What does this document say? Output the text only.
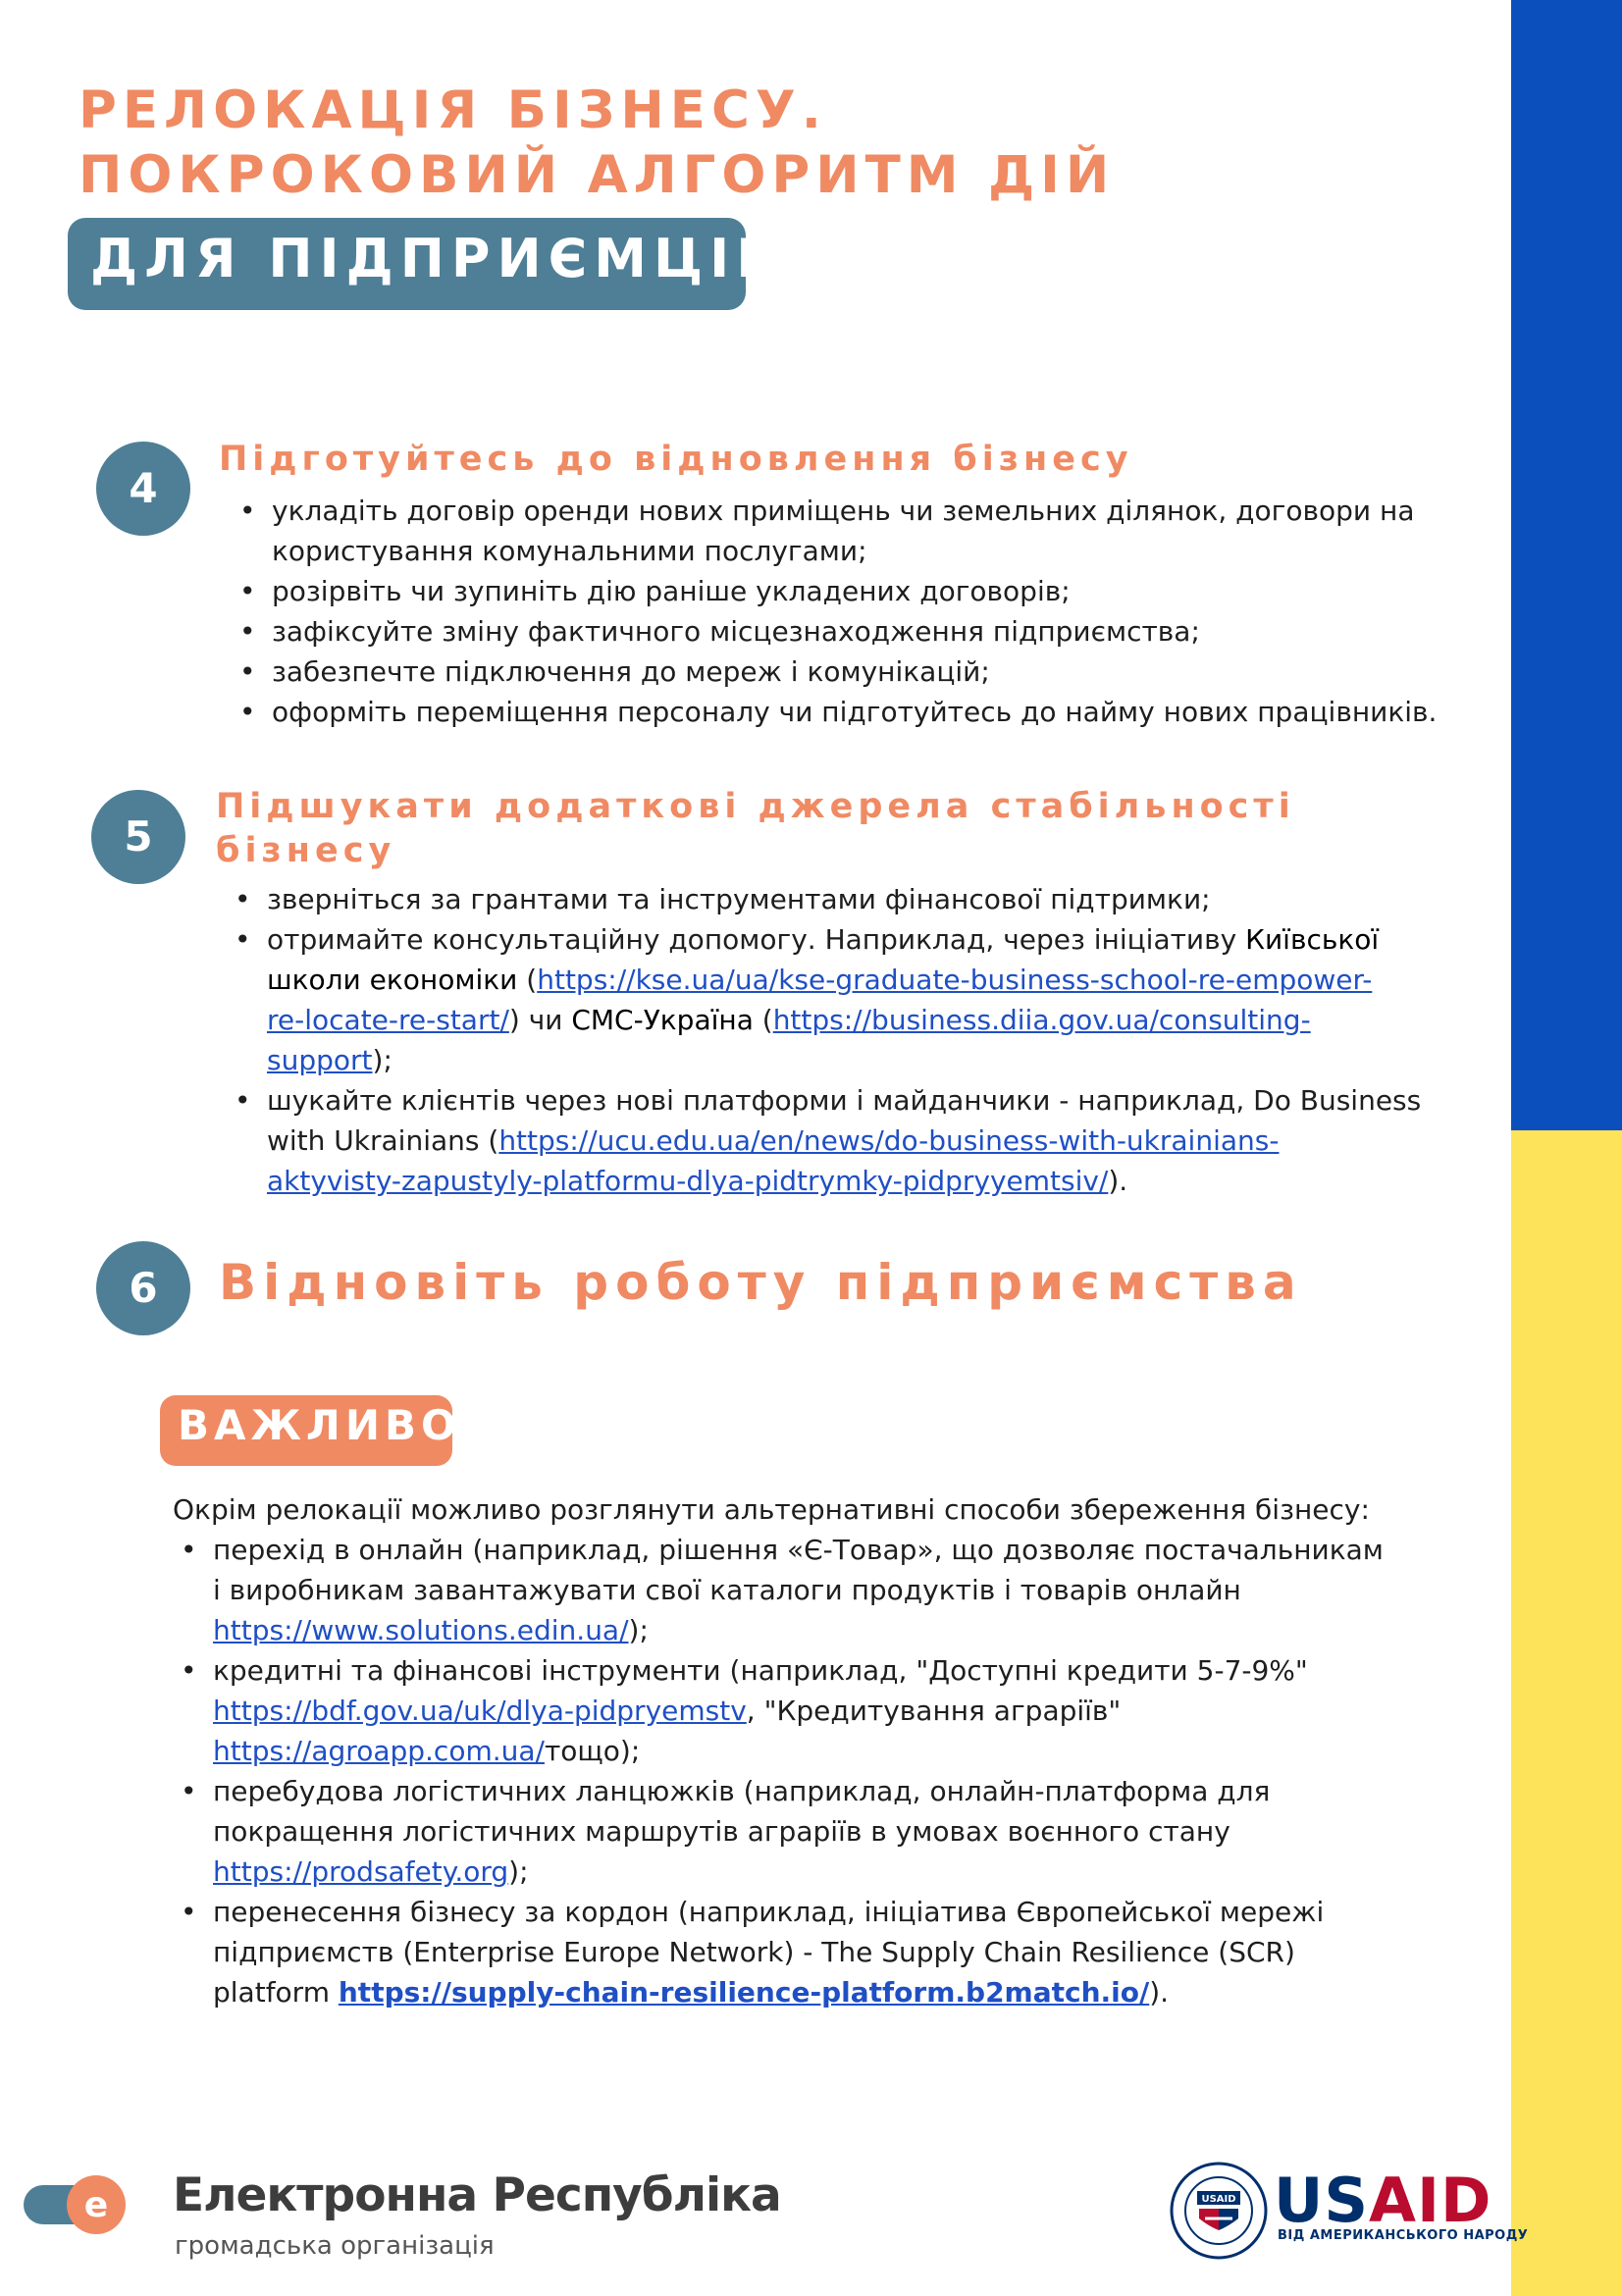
РЕЛОКАЦІЯ БІЗНЕСУ.
ПОКРОКОВИЙ АЛГОРИТМ ДІЙ
ДЛЯ ПІДПРИЄМЦІВ
4
Підготуйтесь до відновлення бізнесу
• укладіть договір оренди нових приміщень чи земельних ділянок, договори на
користування комунальними послугами;
• розірвіть чи зупиніть дію раніше укладених договорів;
• зафіксуйте зміну фактичного місцезнаходження підприємства;
• забезпечте підключення до мереж і комунікацій;
• оформіть переміщення персоналу чи підготуйтесь до найму нових працівників.
5
Підшукати додаткові джерела стабільності
бізнесу
• зверніться за грантами та інструментами фінансової підтримки;
• отримайте консультаційну допомогу. Наприклад, через ініціативу Київської
школи економіки (https://kse.ua/ua/kse-graduate-business-school-re-empower-
re-locate-re-start/) чи СМС-Україна (https://business.diia.gov.ua/consulting-
support);
• шукайте клієнтів через нові платформи і майданчики - наприклад, Do Business
with Ukrainians (https://ucu.edu.ua/en/news/do-business-with-ukrainians-
aktyvisty-zapustyly-platformu-dlya-pidtrymky-pidpryyemtsiv/).
6	Відновіть роботу підприємства
ВАЖЛИВО
Окрім релокації можливо розглянути альтернативні способи збереження бізнесу:
• перехід в онлайн (наприклад, рішення «Є-Товар», що дозволяє постачальникам
і виробникам завантажувати свої каталоги продуктів і товарів онлайн
https://www.solutions.edin.ua/);
• кредитні та фінансові інструменти (наприклад, "Доступні кредити 5-7-9%"
https://bdf.gov.ua/uk/dlya-pidpryemstv, "Кредитування аграріїв"
https://agroapp.com.ua/тощо);
• перебудова логістичних ланцюжків (наприклад, онлайн-платформа для
покращення логістичних маршрутів аграріїв в умовах воєнного стану
https://prodsafety.org);
• перенесення бізнесу за кордон (наприклад, ініціатива Європейської мережі
підприємств (Enterprise Europe Network) - The Supply Chain Resilience (SCR)
platform https://supply-chain-resilience-platform.b2match.io/).
e Електронна Республіка
громадська організація
USAID USAID
ВІД АМЕРИКАНСЬКОГО НАРОДУ
